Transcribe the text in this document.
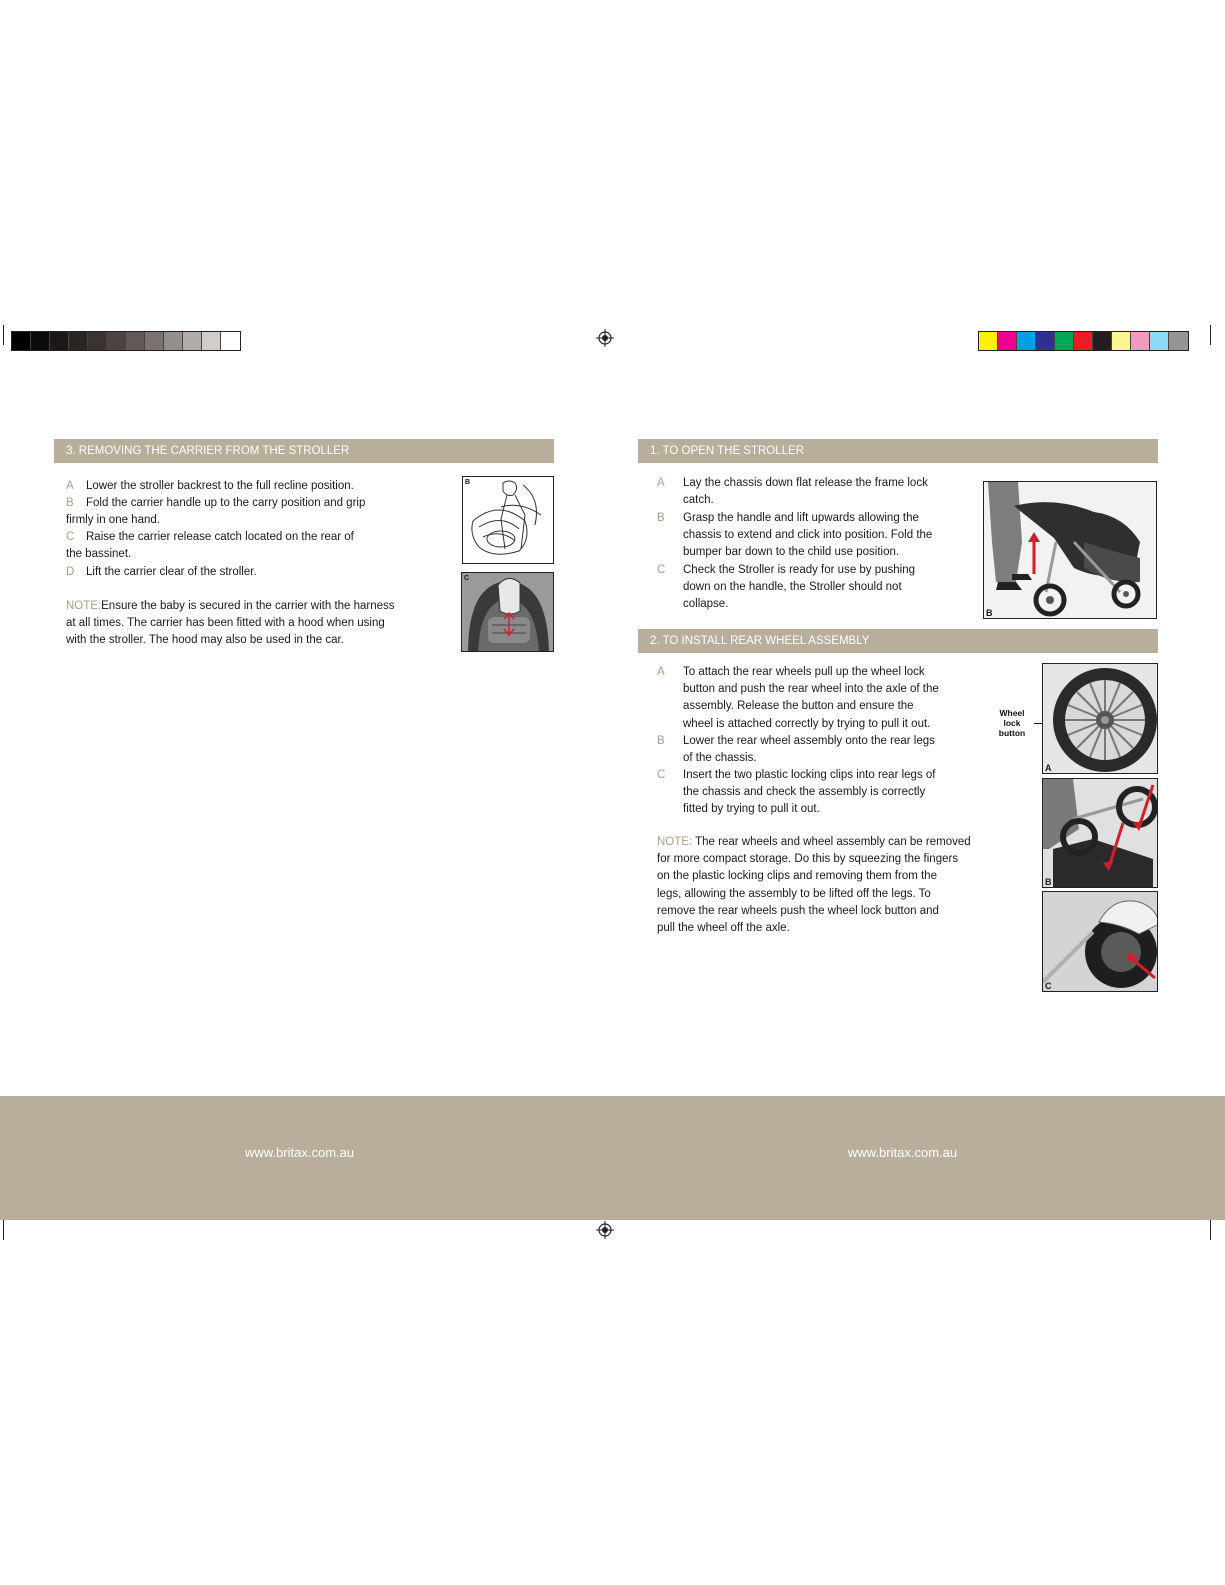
3. REMOVING THE CARRIER FROM THE STROLLER
A Lower the stroller backrest to the full recline position.
B Fold the carrier handle up to the carry position and grip
firmly in one hand.
C Raise the carrier release catch located on the rear of
the bassinet.
D Lift the carrier clear of the stroller.
NOTE:Ensure the baby is secured in the carrier with the harness
at all times. The carrier has been fitted with a hood when using
with the stroller. The hood may also be used in the car.
B
C
1. TO OPEN THE STROLLER
A Lay the chassis down flat release the frame lock
catch.
B Grasp the handle and lift upwards allowing the
chassis to extend and click into position. Fold the
bumper bar down to the child use position.
C Check the Stroller is ready for use by pushing
down on the handle, the Stroller should not
collapse.
B
2. TO INSTALL REAR WHEEL ASSEMBLY
A To attach the rear wheels pull up the wheel lock
button and push the rear wheel into the axle of the
assembly. Release the button and ensure the
wheel is attached correctly by trying to pull it out.
B Lower the rear wheel assembly onto the rear legs
of the chassis.
C Insert the two plastic locking clips into rear legs of
the chassis and check the assembly is correctly
fitted by trying to pull it out.
NOTE: The rear wheels and wheel assembly can be removed
for more compact storage. Do this by squeezing the fingers
on the plastic locking clips and removing them from the
legs, allowing the assembly to be lifted off the legs. To
remove the rear wheels push the wheel lock button and
pull the wheel off the axle.
Wheel
lock
button
A
B
C
www.britax.com.au	www.britax.com.au
